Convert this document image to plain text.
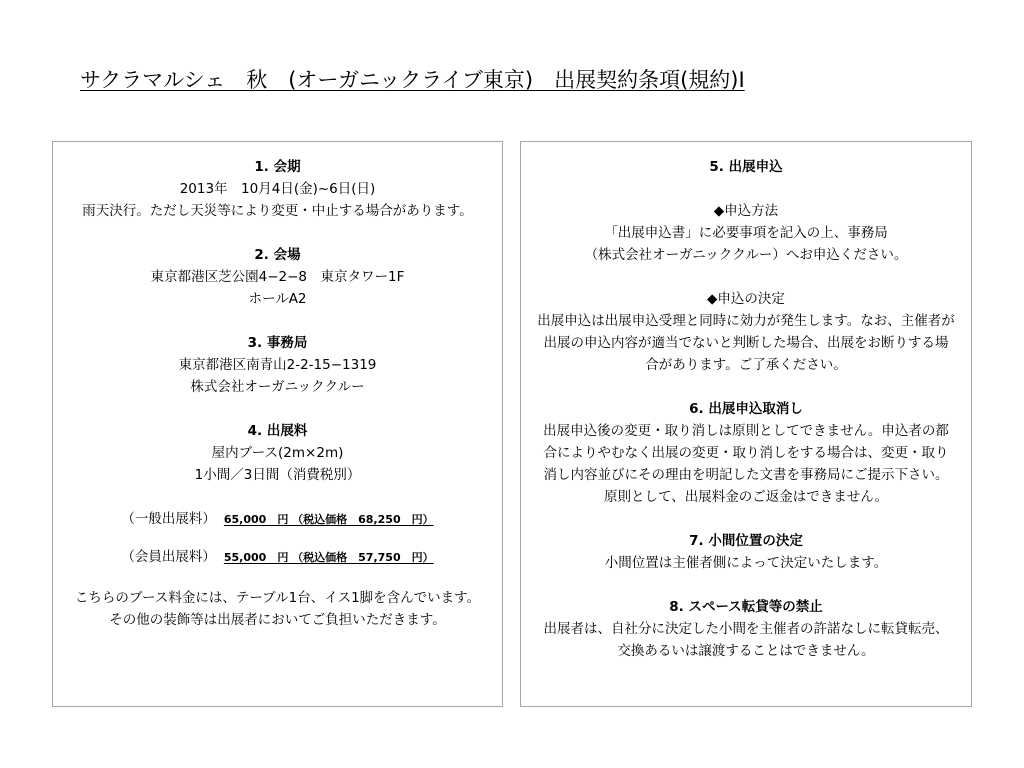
サクラマルシェ　秋　(オーガニックライブ東京)　出展契約条項(規約)Ⅰ
1. 会期
2013年　10月4日(金)~6日(日)
雨天決行。ただし天災等により変更・中止する場合があります。
2. 会場
東京都港区芝公園4−2−8　東京タワー1F
ホールA2
3. 事務局
東京都港区南青山2-2-15−1319
株式会社オーガニッククルー
4. 出展料
屋内ブース(2m×2m)
1小間／3日間（消費税別）
（一般出展料） 65,000　円 （税込価格　68,250　円）
（会員出展料） 55,000　円 （税込価格　57,750　円）
こちらのブース料金には、テーブル1台、イス1脚を含んでいます。その他の装飾等は出展者においてご負担いただきます。
5. 出展申込
◆申込方法
「出展申込書」に必要事項を記入の上、事務局
（株式会社オーガニッククルー）へお申込ください。
◆申込の決定
出展申込は出展申込受理と同時に効力が発生します。なお、主催者が出展の申込内容が適当でないと判断した場合、出展をお断りする場合があります。ご了承ください。
6. 出展申込取消し
出展申込後の変更・取り消しは原則としてできません。申込者の都合によりやむなく出展の変更・取り消しをする場合は、変更・取り消し内容並びにその理由を明記した文書を事務局にご提示下さい。原則として、出展料金のご返金はできません。
7. 小間位置の決定
小間位置は主催者側によって決定いたします。
8. スペース転貸等の禁止
出展者は、自社分に決定した小間を主催者の許諾なしに転貸転売、交換あるいは譲渡することはできません。
